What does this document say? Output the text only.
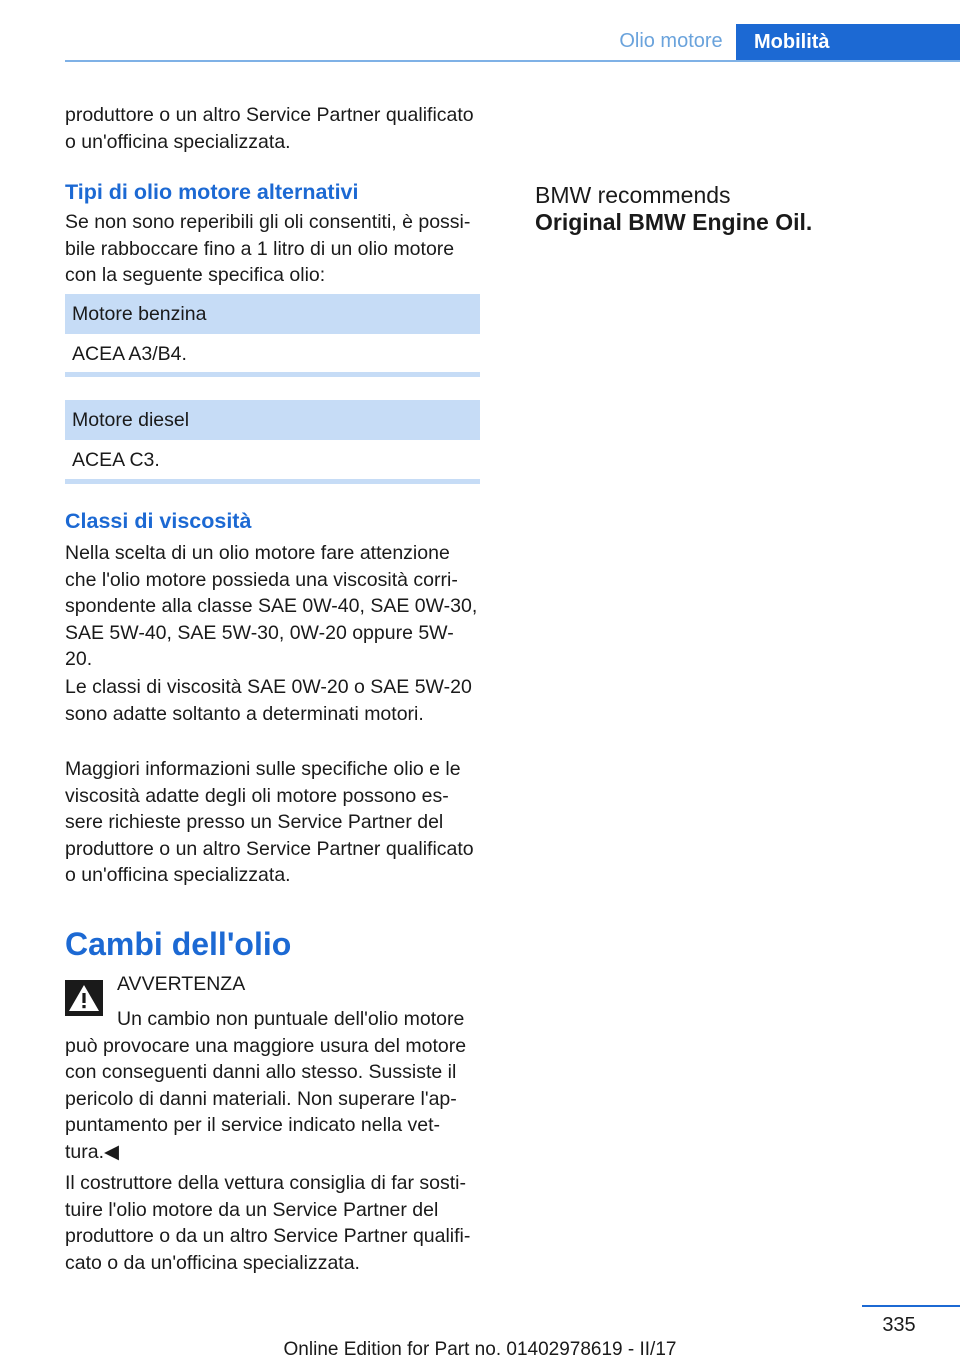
Olio motore	Mobilità

produttore o un altro Service Partner qualificato o un'officina specializzata.

Tipi di olio motore alternativi

Se non sono reperibili gli oli consentiti, è possibile rabboccare fino a 1 litro di un olio motore con la seguente specifica olio:

Motore benzina
ACEA A3/B4.
Motore diesel
ACEA C3.
Classi di viscosità

Nella scelta di un olio motore fare attenzione che l'olio motore possieda una viscosità corrispondente alla classe SAE 0W-40, SAE 0W-30, SAE 5W-40, SAE 5W-30, 0W-20 oppure 5W-20.

Le classi di viscosità SAE 0W-20 o SAE 5W-20 sono adatte soltanto a determinati motori.

Maggiori informazioni sulle specifiche olio e le viscosità adatte degli oli motore possono essere richieste presso un Service Partner del produttore o un altro Service Partner qualificato o un'officina specializzata.

Cambi dell'olio
AVVERTENZA

Un cambio non puntuale dell'olio motore può provocare una maggiore usura del motore con conseguenti danni allo stesso. Sussiste il pericolo di danni materiali. Non superare l'appuntamento per il service indicato nella vettura.◀

Il costruttore della vettura consiglia di far sostituire l'olio motore da un Service Partner del produttore o da un altro Service Partner qualificato o da un'officina specializzata.

BMW recommends
Original BMW Engine Oil.
335
Online Edition for Part no. 01402978619 - II/17
